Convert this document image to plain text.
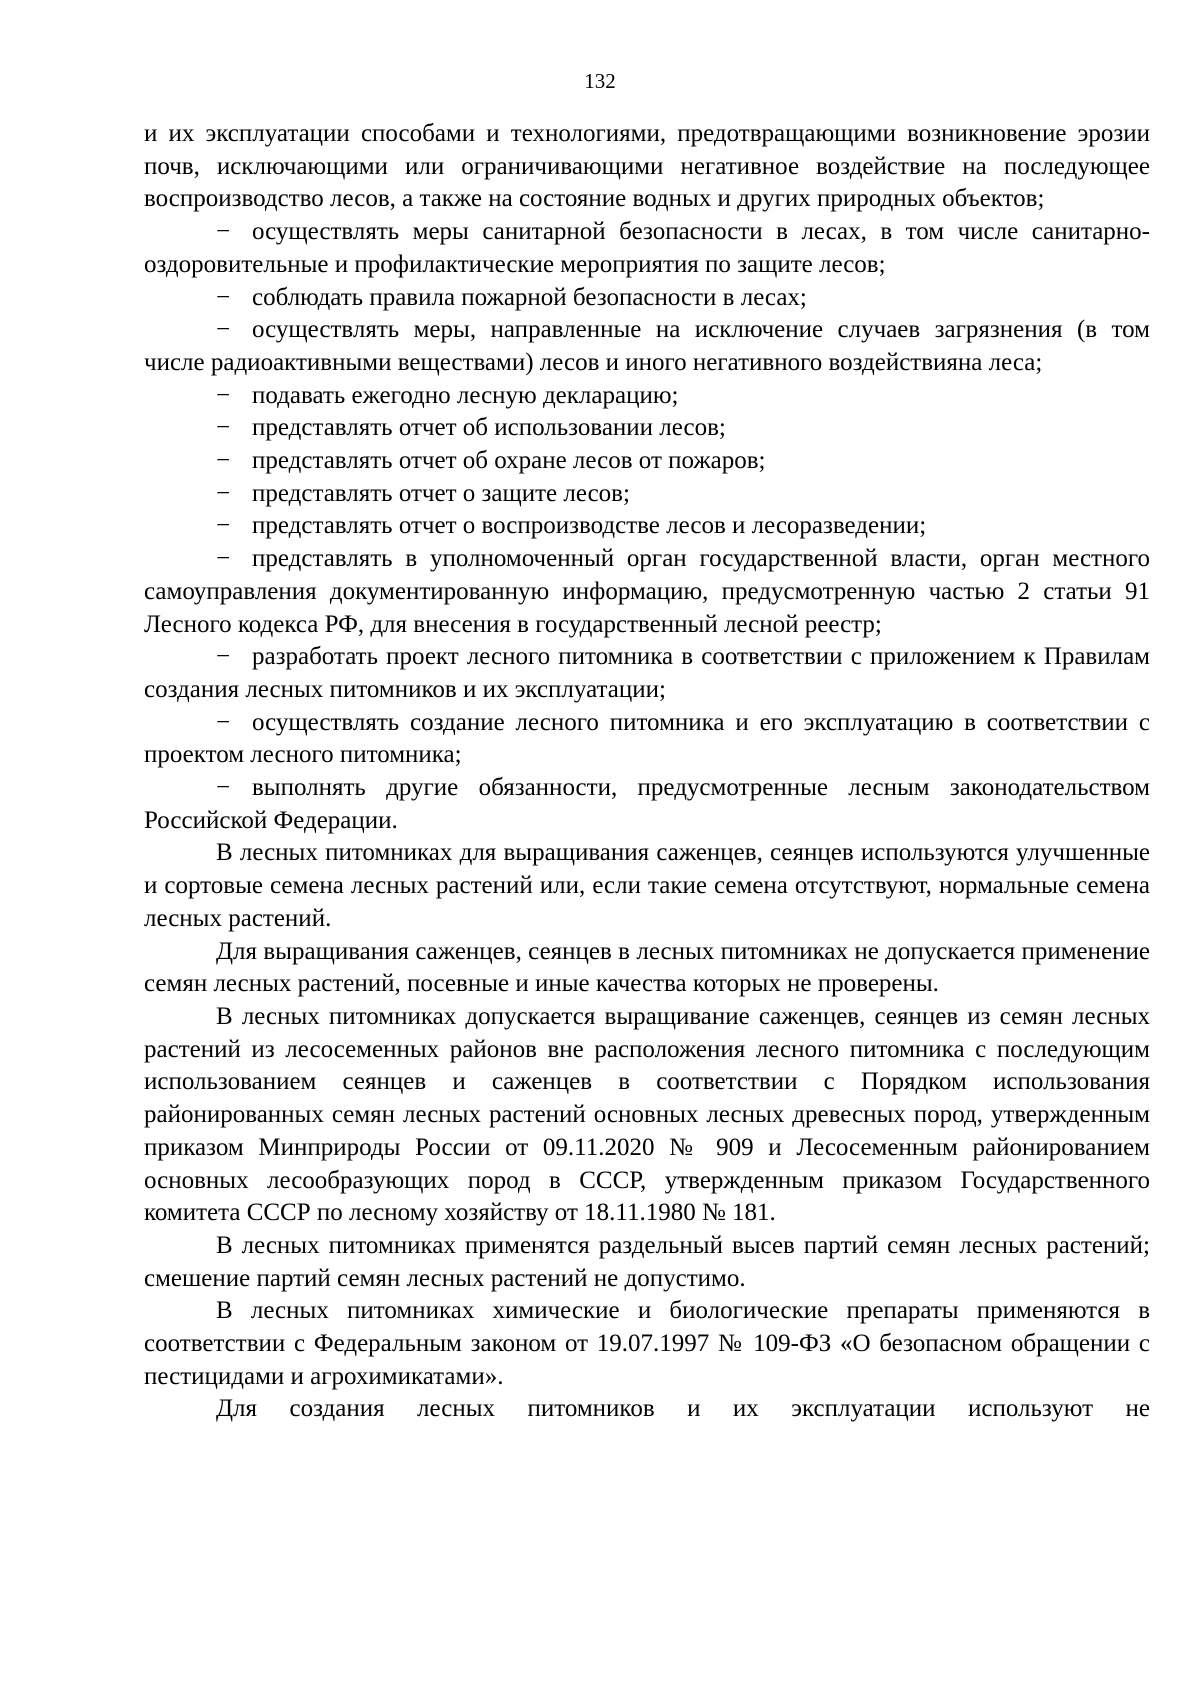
132

и их эксплуатации способами и технологиями, предотвращающими возникновение эрозии почв, исключающими или ограничивающими негативное воздействие на последующее воспроизводство лесов, а также на состояние водных и других природных объектов;

− осуществлять меры санитарной безопасности в лесах, в том числе санитарно-оздоровительные и профилактические мероприятия по защите лесов;

− соблюдать правила пожарной безопасности в лесах;

− осуществлять меры, направленные на исключение случаев загрязнения (в том числе радиоактивными веществами) лесов и иного негативного воздействияна леса;

− подавать ежегодно лесную декларацию;

− представлять отчет об использовании лесов;

− представлять отчет об охране лесов от пожаров;

− представлять отчет о защите лесов;

− представлять отчет о воспроизводстве лесов и лесоразведении;

− представлять в уполномоченный орган государственной власти, орган местного самоуправления документированную информацию, предусмотренную частью 2 статьи 91 Лесного кодекса РФ, для внесения в государственный лесной реестр;

− разработать проект лесного питомника в соответствии с приложением к Правилам создания лесных питомников и их эксплуатации;

− осуществлять создание лесного питомника и его эксплуатацию в соответствии с проектом лесного питомника;

− выполнять другие обязанности, предусмотренные лесным законодательством Российской Федерации.

В лесных питомниках для выращивания саженцев, сеянцев используются улучшенные и сортовые семена лесных растений или, если такие семена отсутствуют, нормальные семена лесных растений.

Для выращивания саженцев, сеянцев в лесных питомниках не допускается применение семян лесных растений, посевные и иные качества которых не проверены.

В лесных питомниках допускается выращивание саженцев, сеянцев из семян лесных растений из лесосеменных районов вне расположения лесного питомника с последующим использованием сеянцев и саженцев в соответствии с Порядком использования районированных семян лесных растений основных лесных древесных пород, утвержденным приказом Минприроды России от 09.11.2020 № 909 и Лесосеменным районированием основных лесообразующих пород в СССР, утвержденным приказом Государственного комитета СССР по лесному хозяйству от 18.11.1980 № 181.

В лесных питомниках применятся раздельный высев партий семян лесных растений; смешение партий семян лесных растений не допустимо.

В лесных питомниках химические и биологические препараты применяются в соответствии с Федеральным законом от 19.07.1997 № 109-ФЗ «О безопасном обращении с пестицидами и агрохимикатами».

Для создания лесных питомников и их эксплуатации используют не
